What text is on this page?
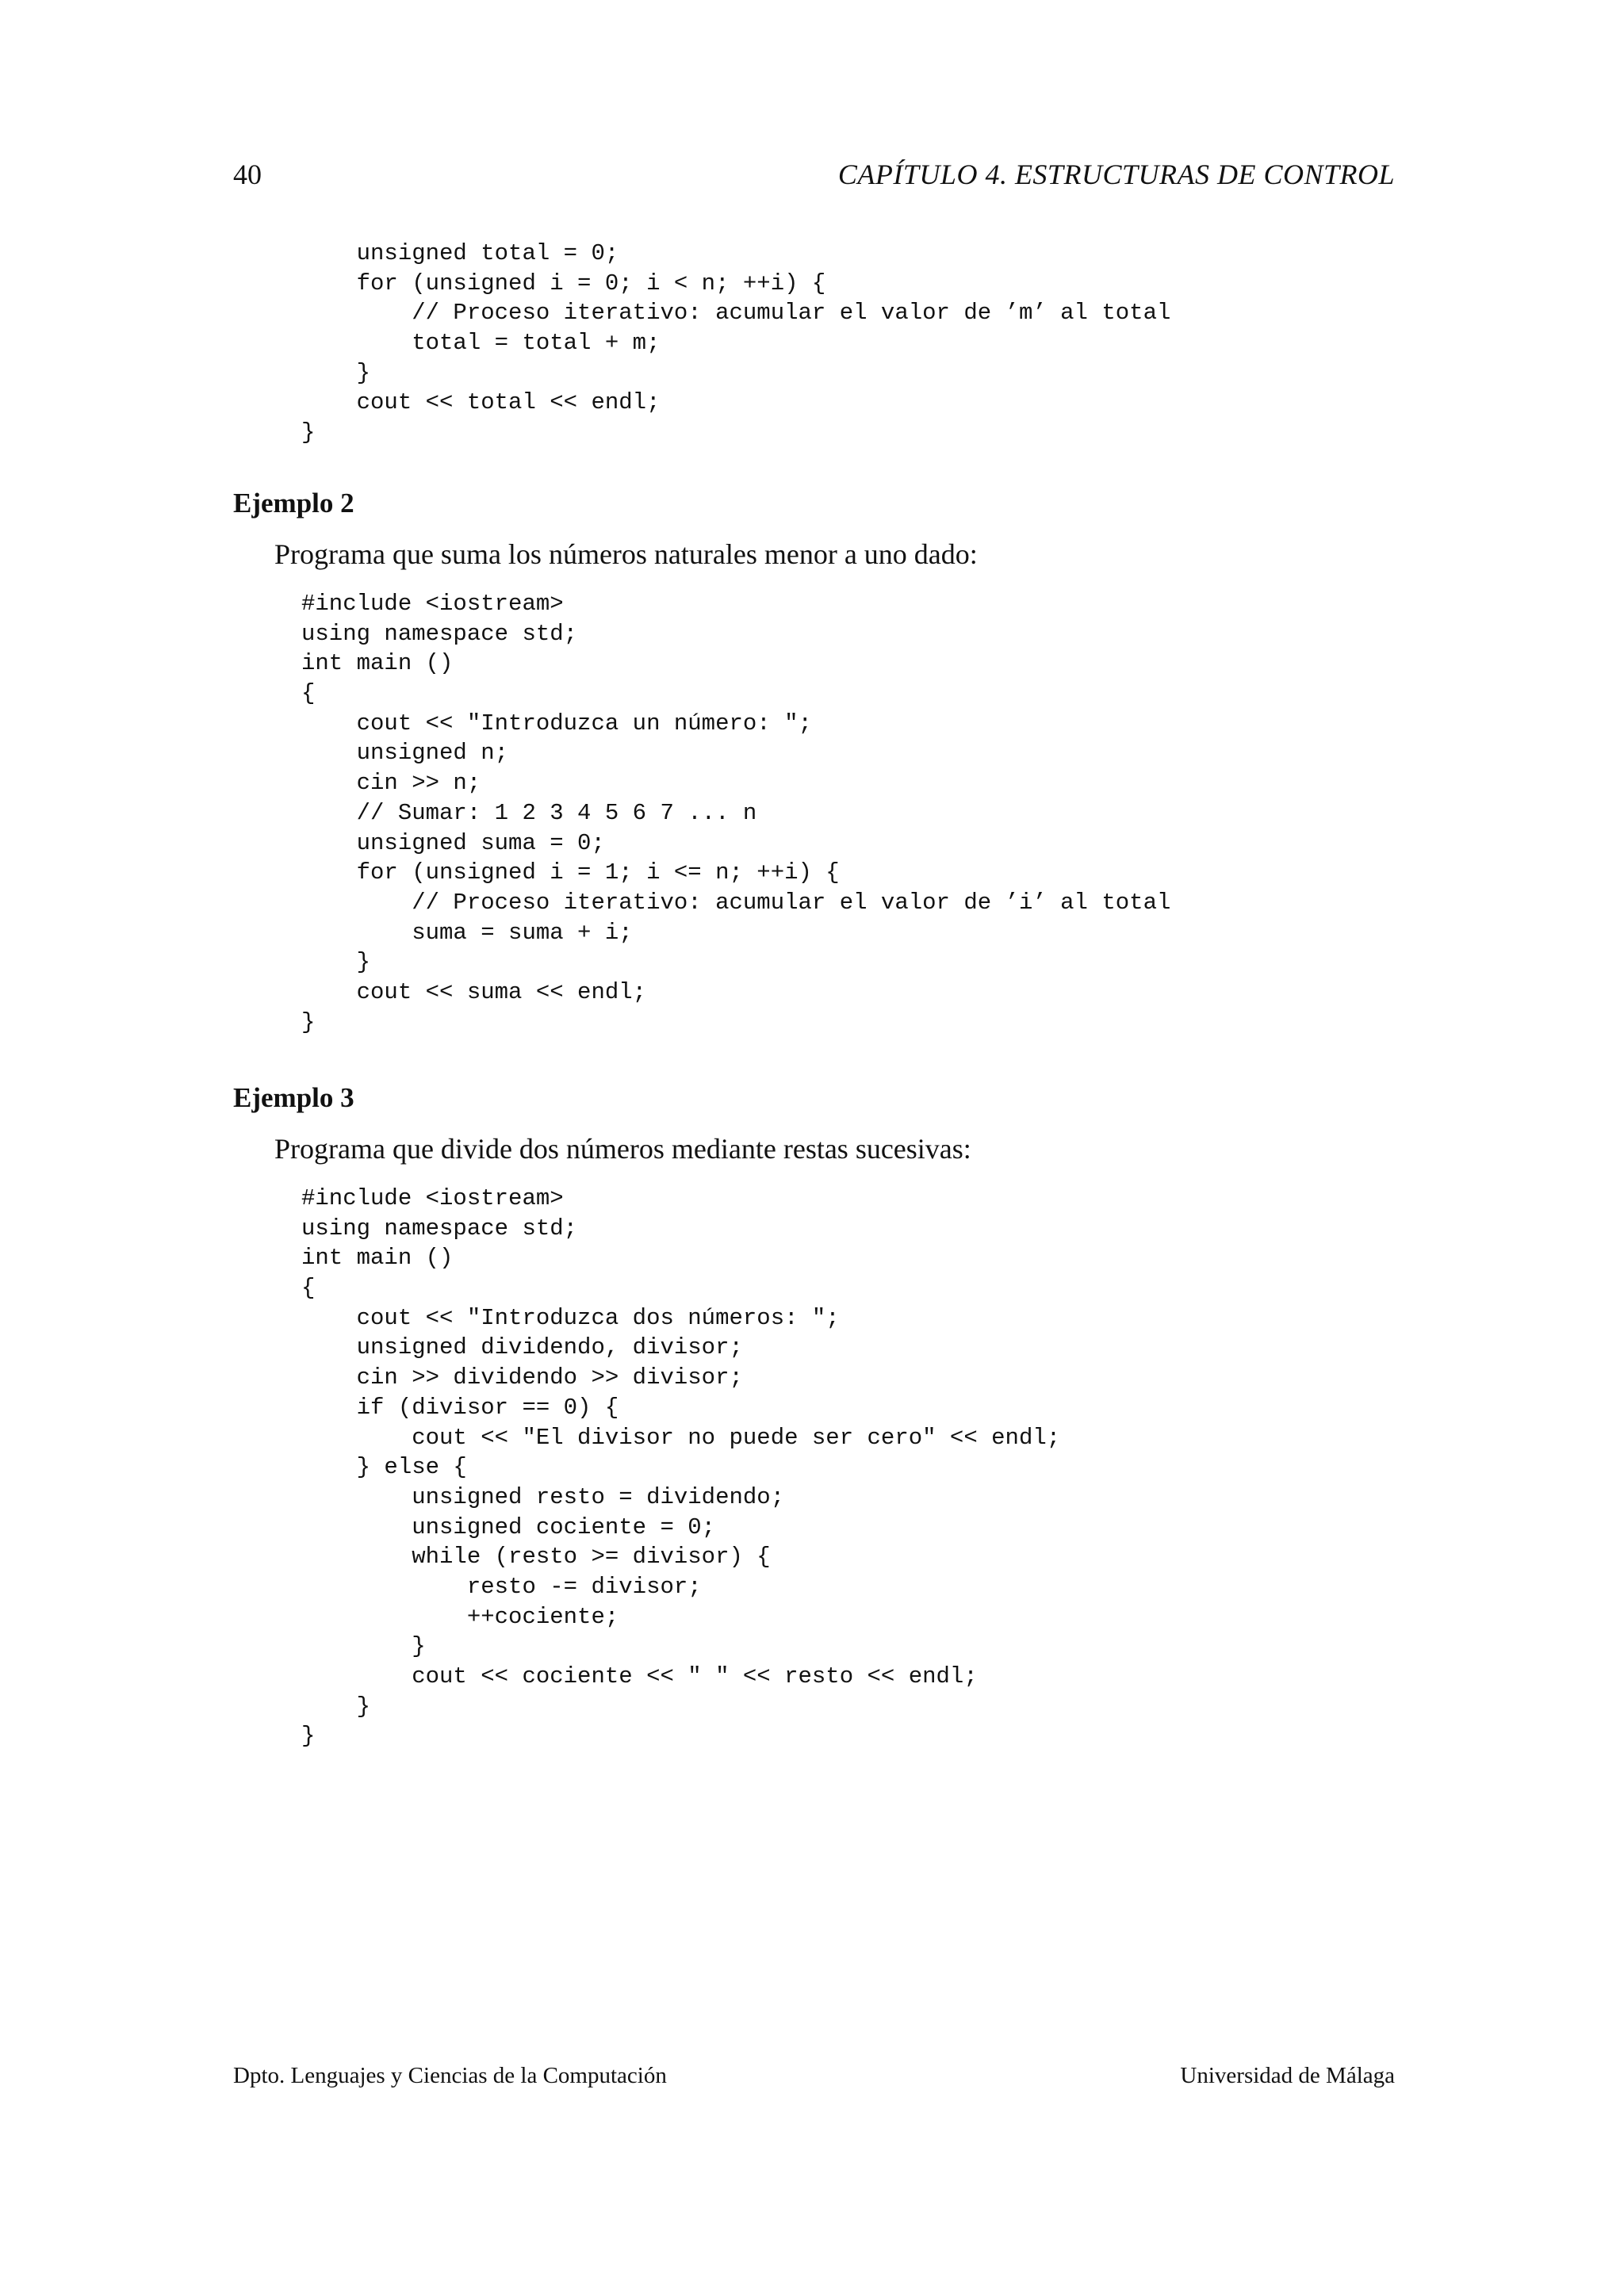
40	CAPÍTULO 4. ESTRUCTURAS DE CONTROL
unsigned total = 0;
for (unsigned i = 0; i < n; ++i) {
// Proceso iterativo: acumular el valor de ’m’ al total
total = total + m;
}
cout << total << endl;
}
Ejemplo 2
Programa que suma los números naturales menor a uno dado:
#include <iostream>
using namespace std;
int main ()
{
cout << "Introduzca un número: ";
unsigned n;
cin >> n;
// Sumar: 1 2 3 4 5 6 7 ... n
unsigned suma = 0;
for (unsigned i = 1; i <= n; ++i) {
// Proceso iterativo: acumular el valor de ’i’ al total
suma = suma + i;
}
cout << suma << endl;
}
Ejemplo 3
Programa que divide dos números mediante restas sucesivas:
#include <iostream>
using namespace std;
int main ()
{
cout << "Introduzca dos números: ";
unsigned dividendo, divisor;
cin >> dividendo >> divisor;
if (divisor == 0) {
cout << "El divisor no puede ser cero" << endl;
} else {
unsigned resto = dividendo;
unsigned cociente = 0;
while (resto >= divisor) {
resto -= divisor;
++cociente;
}
cout << cociente << " " << resto << endl;
}
}
Dpto. Lenguajes y Ciencias de la Computación	Universidad de Málaga
